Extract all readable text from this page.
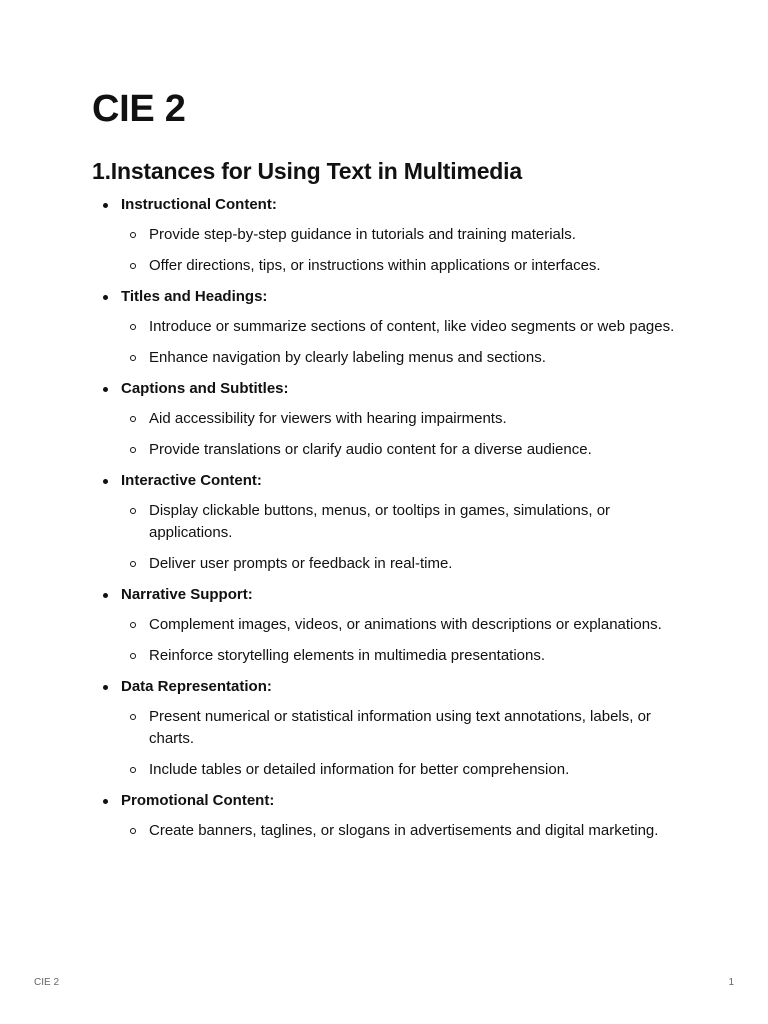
CIE 2
1.Instances for Using Text in Multimedia
Instructional Content:
Provide step-by-step guidance in tutorials and training materials.
Offer directions, tips, or instructions within applications or interfaces.
Titles and Headings:
Introduce or summarize sections of content, like video segments or web pages.
Enhance navigation by clearly labeling menus and sections.
Captions and Subtitles:
Aid accessibility for viewers with hearing impairments.
Provide translations or clarify audio content for a diverse audience.
Interactive Content:
Display clickable buttons, menus, or tooltips in games, simulations, or applications.
Deliver user prompts or feedback in real-time.
Narrative Support:
Complement images, videos, or animations with descriptions or explanations.
Reinforce storytelling elements in multimedia presentations.
Data Representation:
Present numerical or statistical information using text annotations, labels, or charts.
Include tables or detailed information for better comprehension.
Promotional Content:
Create banners, taglines, or slogans in advertisements and digital marketing.
CIE 2	1
